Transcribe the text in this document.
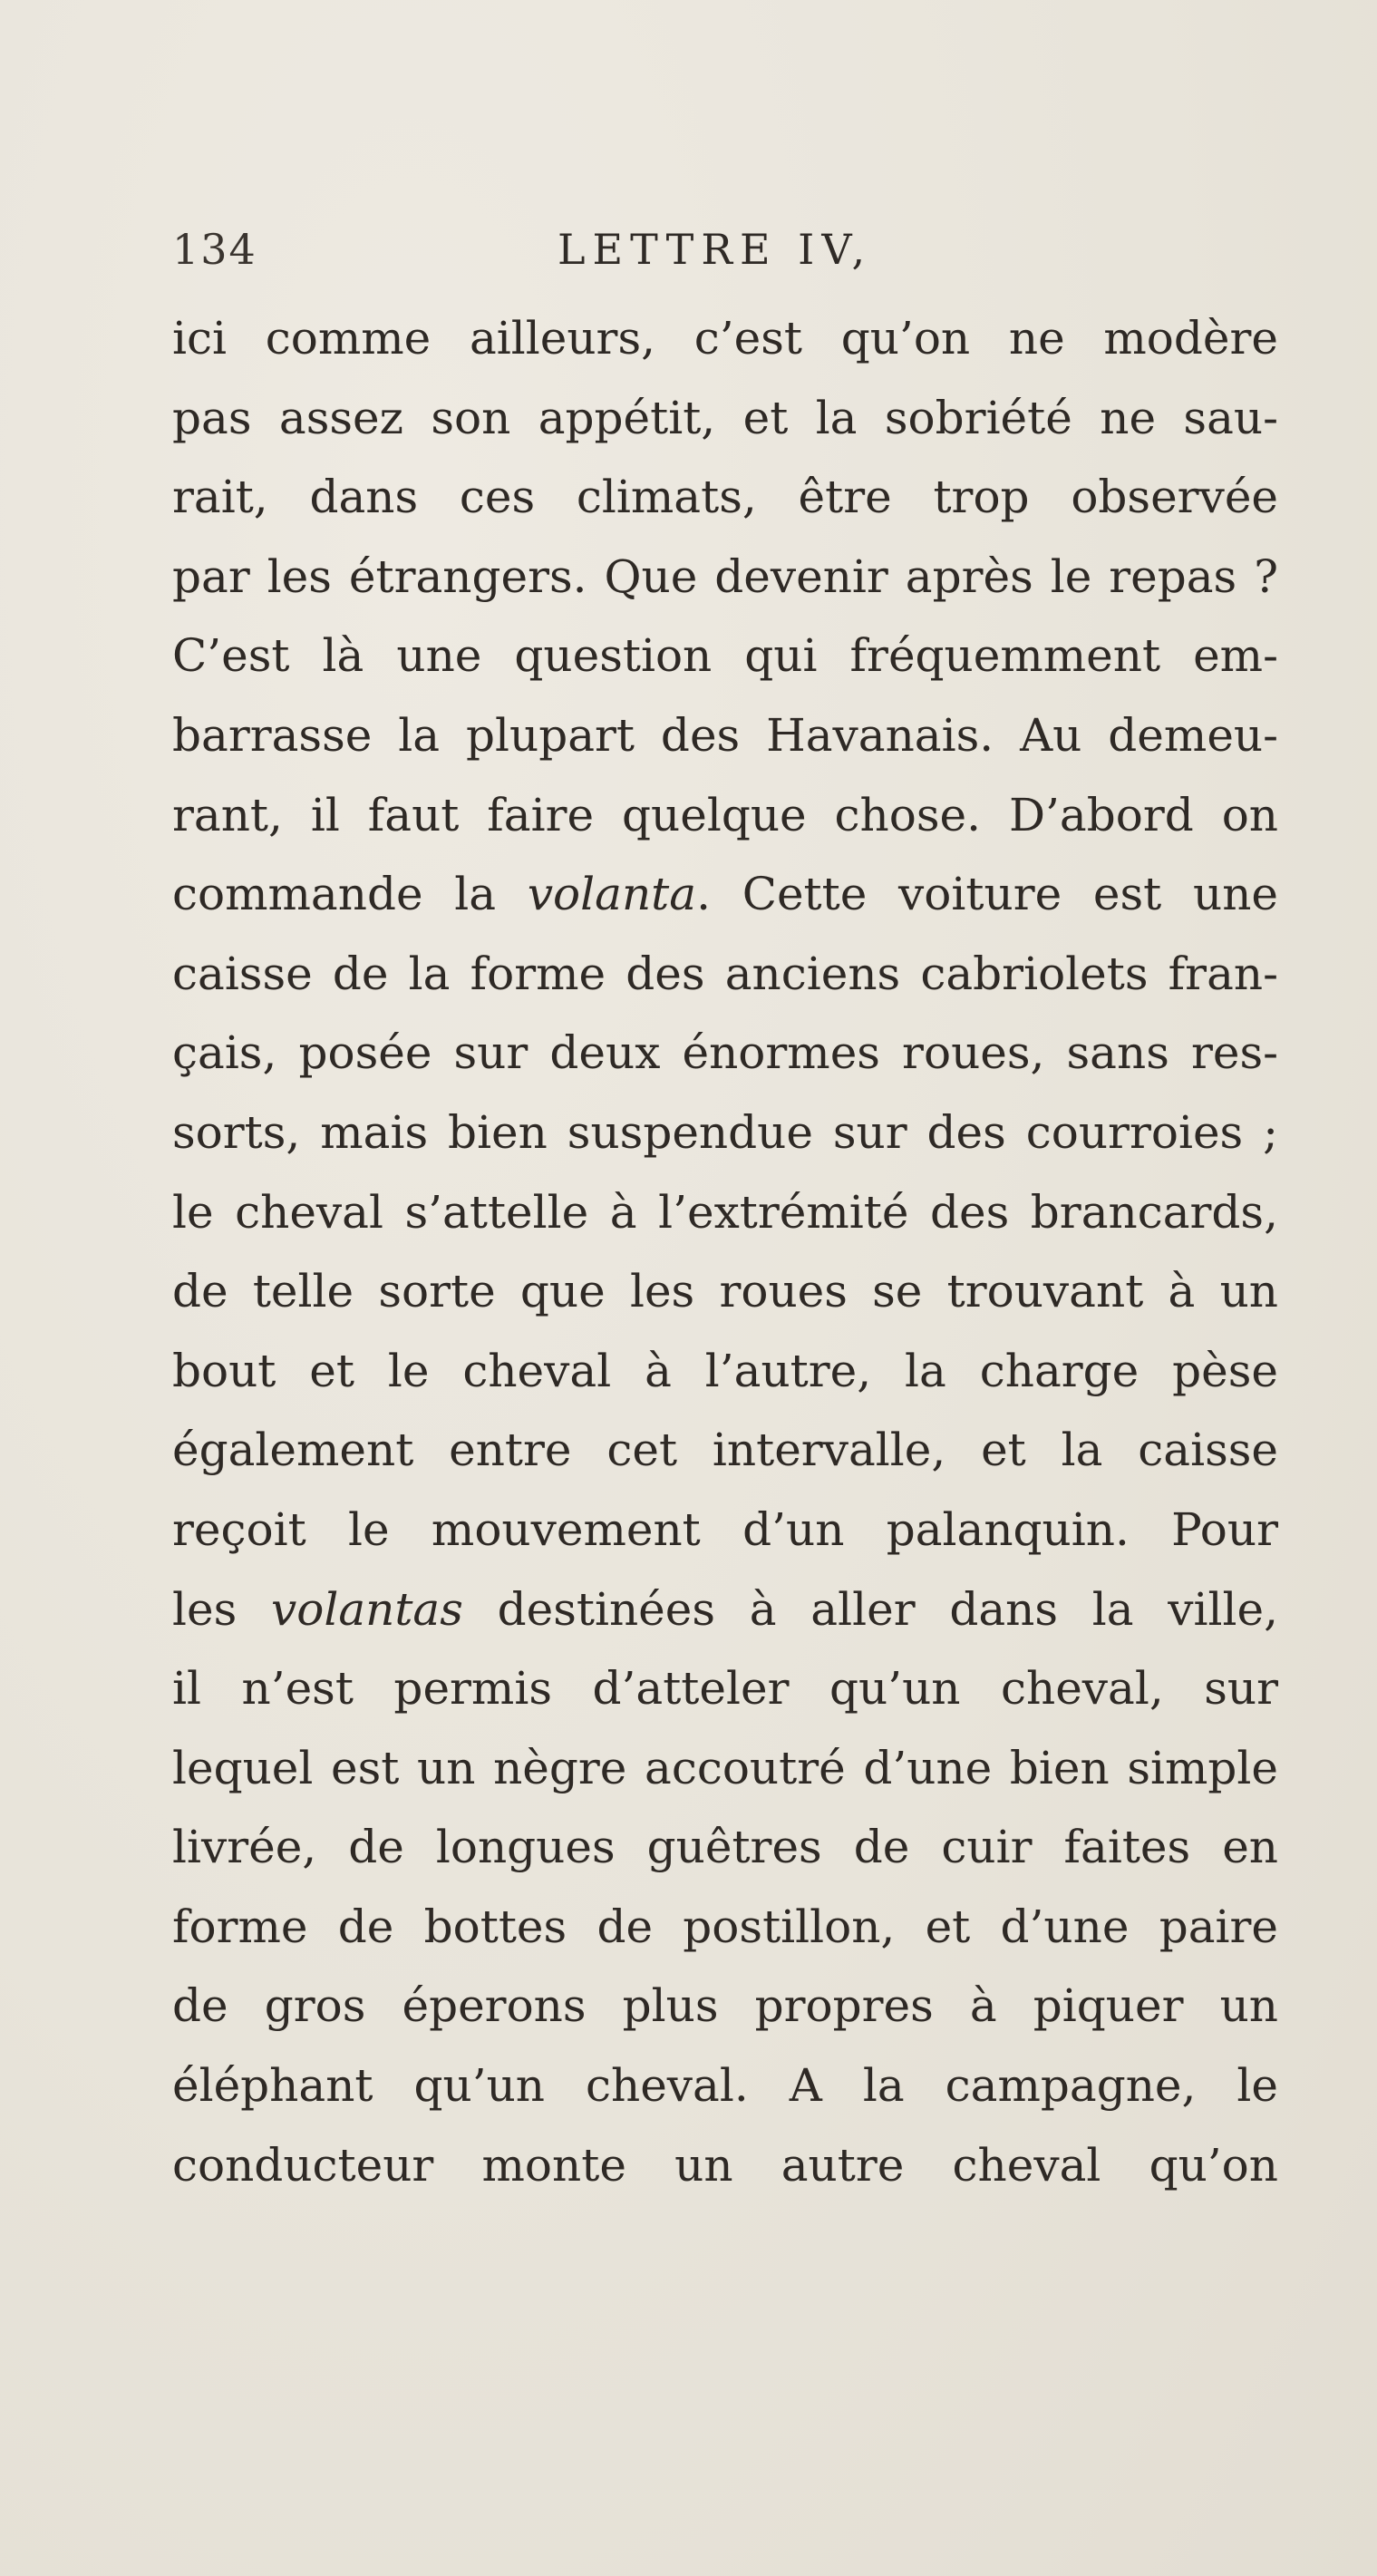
134	LETTRE IV,
ici comme ailleurs, c’est qu’on ne modère
pas assez son appétit, et la sobriété ne sau-
rait, dans ces climats, être trop observée
par les étrangers. Que devenir après le repas ?
C’est là une question qui fréquemment em-
barrasse la plupart des Havanais. Au demeu-
rant, il faut faire quelque chose. D’abord on
commande la volanta. Cette voiture est une
caisse de la forme des anciens cabriolets fran-
çais, posée sur deux énormes roues, sans res-
sorts, mais bien suspendue sur des courroies ;
le cheval s’attelle à l’extrémité des brancards,
de telle sorte que les roues se trouvant à un
bout et le cheval à l’autre, la charge pèse
également entre cet intervalle, et la caisse
reçoit le mouvement d’un palanquin. Pour
les volantas destinées à aller dans la ville,
il n’est permis d’atteler qu’un cheval, sur
lequel est un nègre accoutré d’une bien simple
livrée, de longues guêtres de cuir faites en
forme de bottes de postillon, et d’une paire
de gros éperons plus propres à piquer un
éléphant qu’un cheval. A la campagne, le
conducteur monte un autre cheval qu’on
